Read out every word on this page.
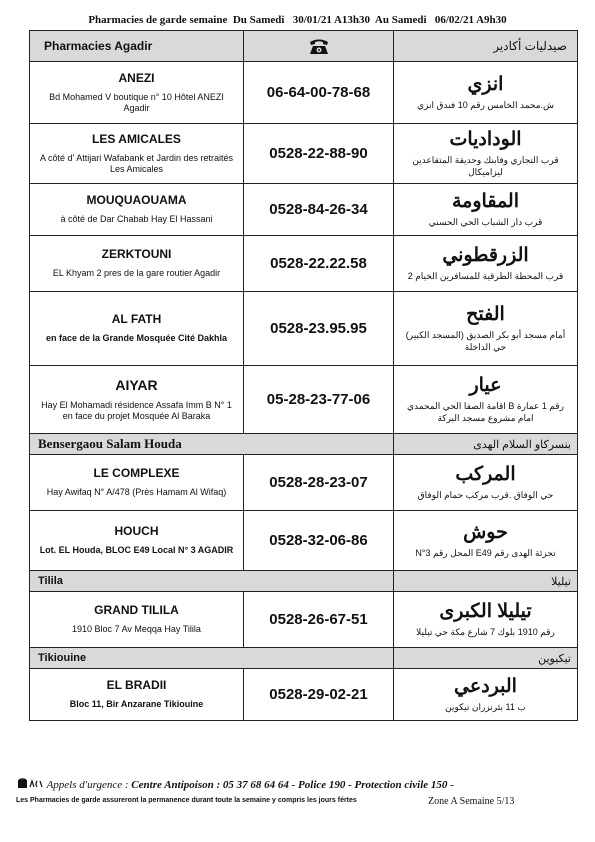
Pharmacies de garde semaine  Du Samedi   30/01/21 A13h30  Au Samedi   06/02/21 A9h30
Pharmacies Agadir		صيدليات أكادير

ANEZI
Bd Mohamed V boutique n° 10 Hôtel ANEZI Agadir	06-64-00-78-68	انزي
ش.محمد الخامس رقم 10 فندق انزي

LES AMICALES
A côté d' Attijari Wafabank et Jardin des retraités Les Amicales	0528-22-88-90	الوداديات
قرب التجاري وفابنك وحديقة المتقاعدين ليزاميكال

MOUQUAOUAMA
à côté de Dar Chabab Hay El Hassani	0528-84-26-34	المقاومة
قرب دار الشباب الحي الحسني

ZERKTOUNI
EL Khyam 2 pres de la gare routier Agadir	0528-22.22.58	الزرقطوني
قرب المحطة الطرقية للمسافرين الخيام 2

AL FATH
en face de la Grande Mosquée Cité Dakhla	0528-23.95.95	الفتح
أمام مسجد أبو بكر الصديق (المسجد الكبير) حي الداخلة

AIYAR
Hay El Mohamadi résidence Assafa Imm B N° 1 en face du projet Mosquée Al Baraka	05-28-23-77-06	عيار
رقم 1 عمارة B اقامة الصفا الحي المحمدي امام مشروع مسجد البركة

Bensergaou Salam Houda		بنسركاو السلام الهدى

LE COMPLEXE
Hay Awifaq N° A/478 (Près Hamam Al Wifaq)	0528-28-23-07	المركب
حي الوفاق .قرب مركب حمام الوفاق

HOUCH
Lot. EL Houda, BLOC E49 Local N° 3 AGADIR	0528-32-06-86	حوش
تجزئة الهدى رقم E49 المحل رقم 3°N

Tilila		تيليلا

GRAND TILILA
1910 Bloc 7 Av Meqqa Hay Tilila	0528-26-67-51	تيليلا الكبرى
رقم 1910 بلوك 7 شارع مكة حي تيليلا

Tikiouine		تيكيوين

EL BRADII
Bloc 11, Bir Anzarane Tikiouine	0528-29-02-21	البردعي
ب 11 بئرنزران تيكوين
Appels d'urgence : Centre Antipoison : 05 37 68 64 64 - Police 190 - Protection civile 150 -
Les Pharmacies de garde assureront la permanence durant toute la semaine y compris les jours fértes	Zone A Semaine 5/13
